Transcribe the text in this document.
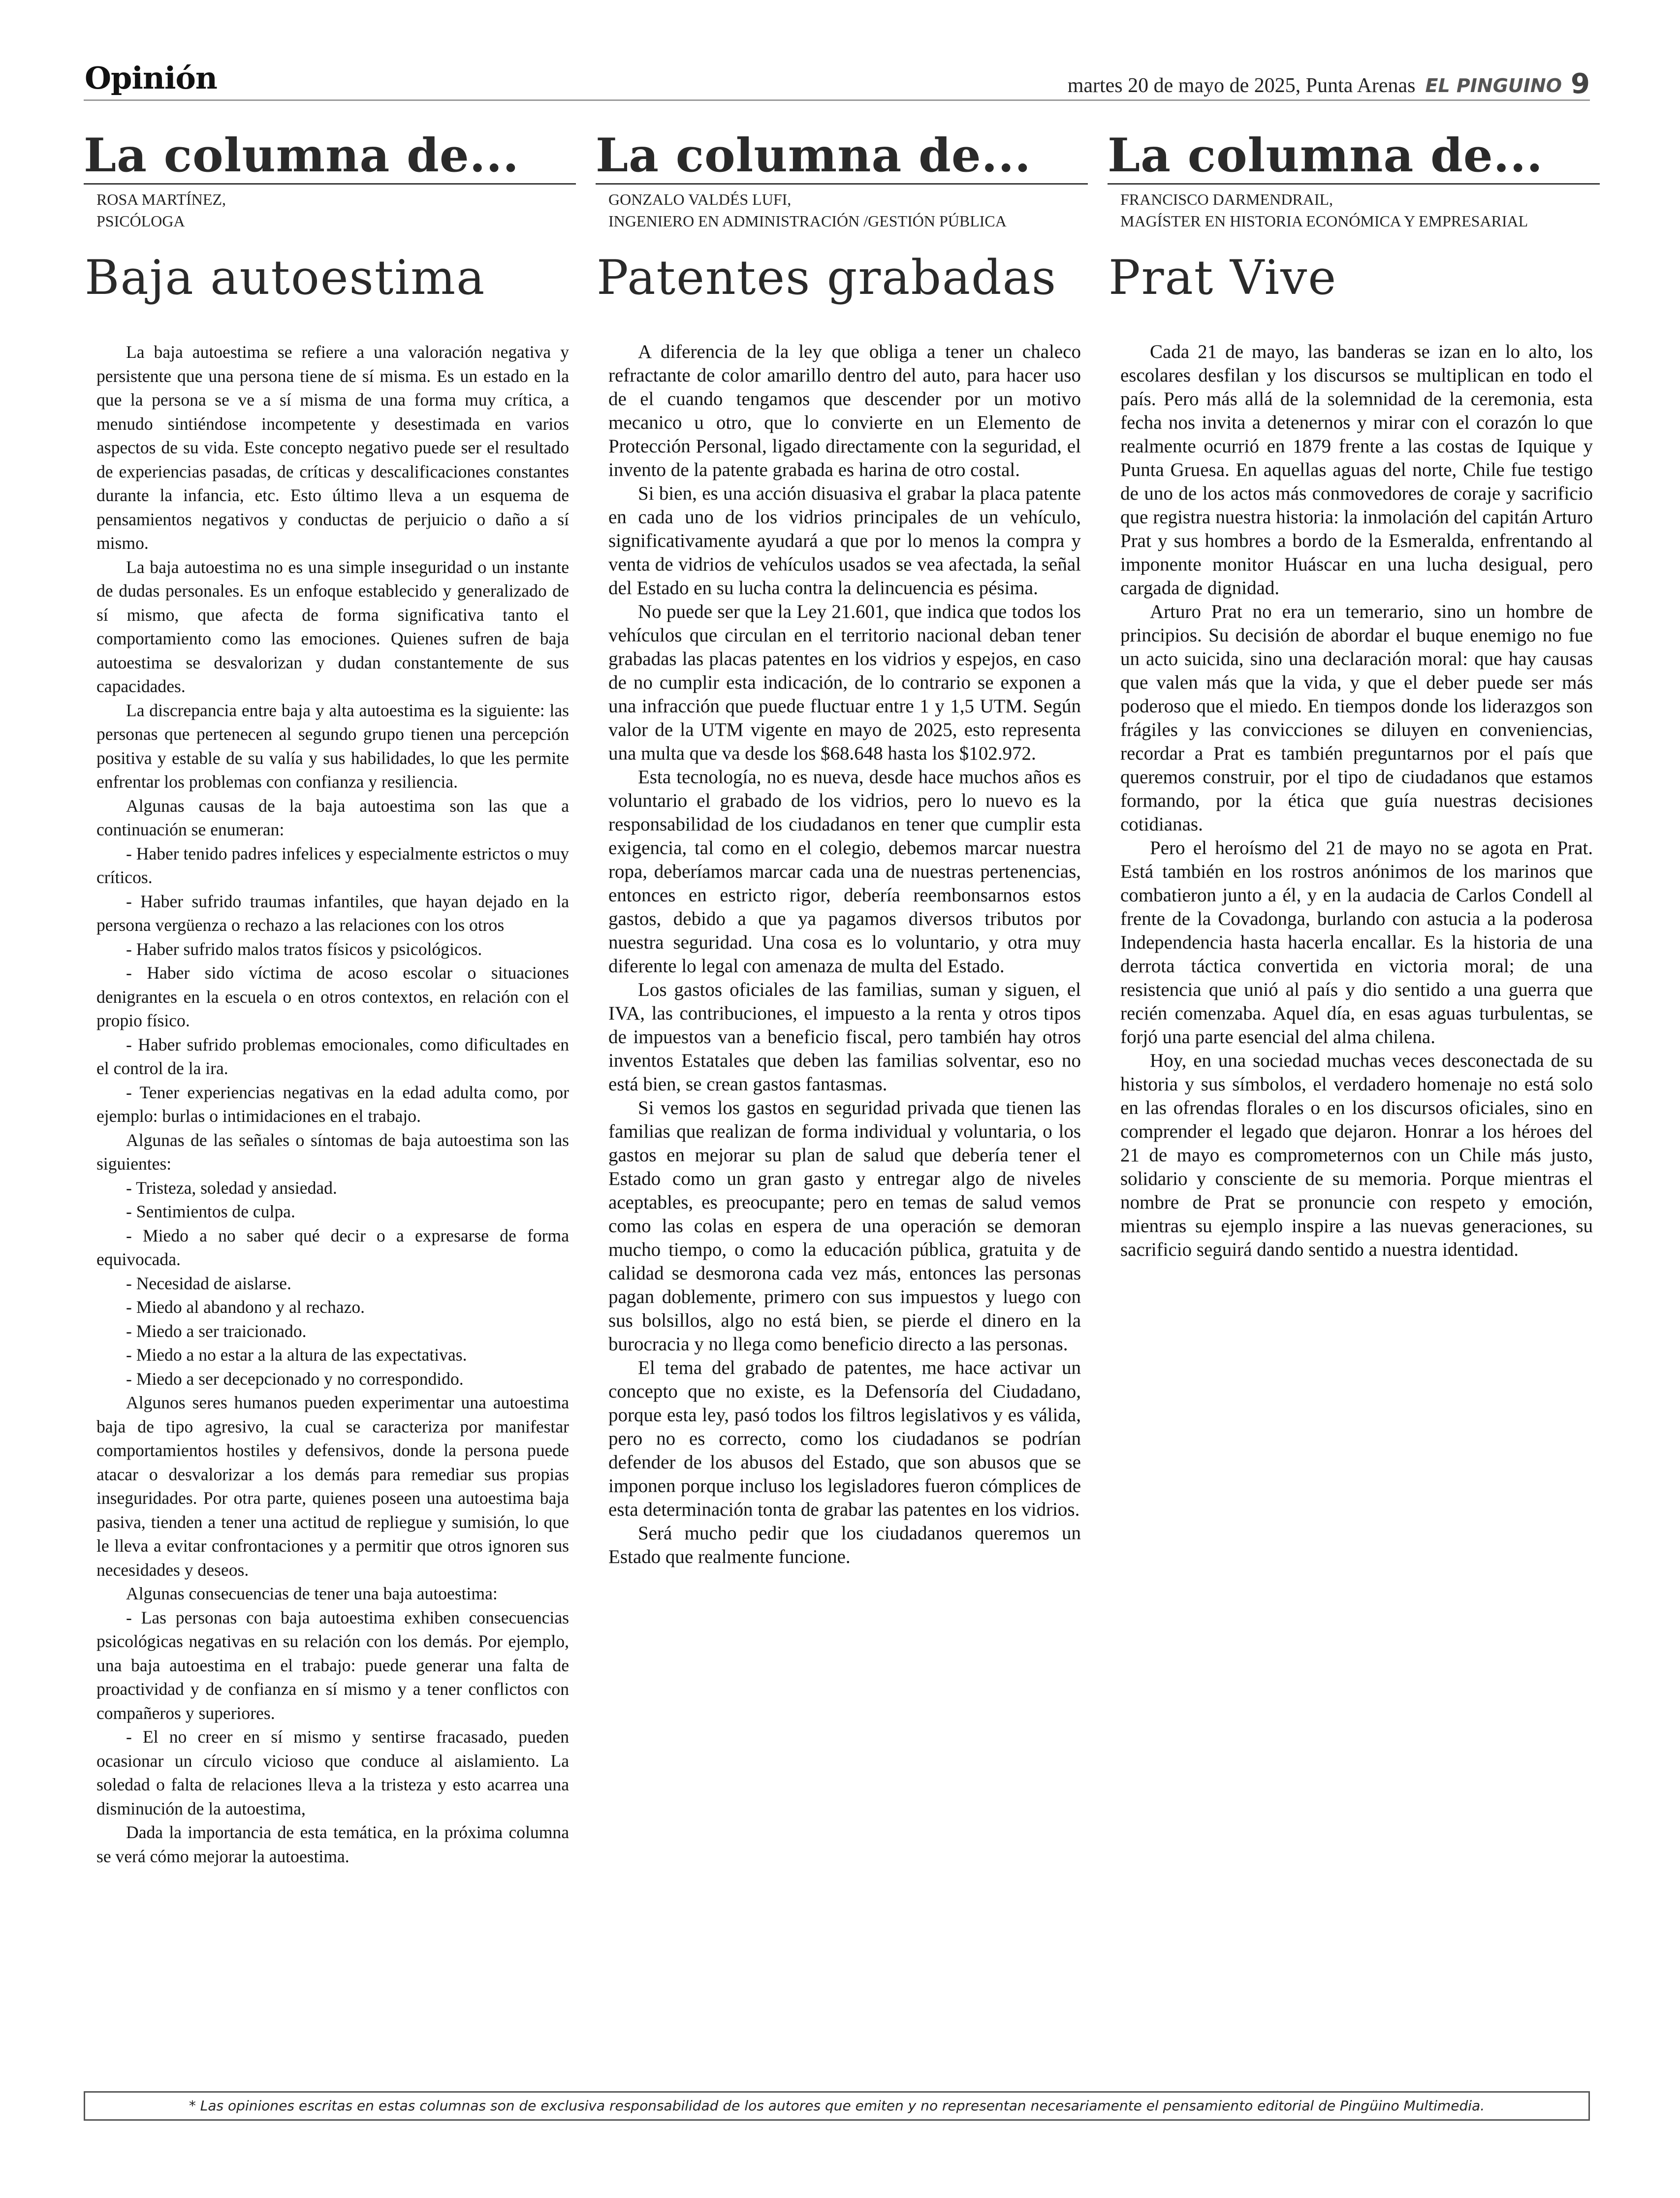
Opinión	martes 20 de mayo de 2025, Punta Arenas EL PINGUINO 9
La columna de...
ROSA MARTÍNEZ,
PSICÓLOGA
Baja autoestima

La baja autoestima se refiere a una valoración negativa y persistente que una persona tiene de sí misma. Es un estado en la que la persona se ve a sí misma de una forma muy crítica, a menudo sintiéndose incompetente y desestimada en varios aspectos de su vida. Este concepto negativo puede ser el resultado de experiencias pasadas, de críticas y descalificaciones constantes durante la infancia, etc. Esto último lleva a un esquema de pensamientos negativos y conductas de perjuicio o daño a sí mismo.

La baja autoestima no es una simple inseguridad o un instante de dudas personales. Es un enfoque establecido y generalizado de sí mismo, que afecta de forma significativa tanto el comportamiento como las emociones. Quienes sufren de baja autoestima se desvalorizan y dudan constantemente de sus capacidades.

La discrepancia entre baja y alta autoestima es la siguiente: las personas que pertenecen al segundo grupo tienen una percepción positiva y estable de su valía y sus habilidades, lo que les permite enfrentar los problemas con confianza y resiliencia.

Algunas causas de la baja autoestima son las que a continuación se enumeran:

- Haber tenido padres infelices y especialmente estrictos o muy críticos.

- Haber sufrido traumas infantiles, que hayan dejado en la persona vergüenza o rechazo a las relaciones con los otros

- Haber sufrido malos tratos físicos y psicológicos.

- Haber sido víctima de acoso escolar o situaciones denigrantes en la escuela o en otros contextos, en relación con el propio físico.

- Haber sufrido problemas emocionales, como dificultades en el control de la ira.

- Tener experiencias negativas en la edad adulta como, por ejemplo: burlas o intimidaciones en el trabajo.

Algunas de las señales o síntomas de baja autoestima son las siguientes:

- Tristeza, soledad y ansiedad.

- Sentimientos de culpa.

- Miedo a no saber qué decir o a expresarse de forma equivocada.

- Necesidad de aislarse.

- Miedo al abandono y al rechazo.

- Miedo a ser traicionado.

- Miedo a no estar a la altura de las expectativas.

- Miedo a ser decepcionado y no correspondido.

Algunos seres humanos pueden experimentar una autoestima baja de tipo agresivo, la cual se caracteriza por manifestar comportamientos hostiles y defensivos, donde la persona puede atacar o desvalorizar a los demás para remediar sus propias inseguridades. Por otra parte, quienes poseen una autoestima baja pasiva, tienden a tener una actitud de repliegue y sumisión, lo que le lleva a evitar confrontaciones y a permitir que otros ignoren sus necesidades y deseos.

Algunas consecuencias de tener una baja autoestima:

- Las personas con baja autoestima exhiben consecuencias psicológicas negativas en su relación con los demás. Por ejemplo, una baja autoestima en el trabajo: puede generar una falta de proactividad y de confianza en sí mismo y a tener conflictos con compañeros y superiores.

- El no creer en sí mismo y sentirse fracasado, pueden ocasionar un círculo vicioso que conduce al aislamiento. La soledad o falta de relaciones lleva a la tristeza y esto acarrea una disminución de la autoestima,

Dada la importancia de esta temática, en la próxima columna se verá cómo mejorar la autoestima.

La columna de...
GONZALO VALDÉS LUFI,
INGENIERO EN ADMINISTRACIÓN /GESTIÓN PÚBLICA
Patentes grabadas

A diferencia de la ley que obliga a tener un chaleco refractante de color amarillo dentro del auto, para hacer uso de el cuando tengamos que descender por un motivo mecanico u otro, que lo convierte en un Elemento de Protección Personal, ligado directamente con la seguridad, el invento de la patente grabada es harina de otro costal.

Si bien, es una acción disuasiva el grabar la placa patente en cada uno de los vidrios principales de un vehículo, significativamente ayudará a que por lo menos la compra y venta de vidrios de vehículos usados se vea afectada, la señal del Estado en su lucha contra la delincuencia es pésima.

No puede ser que la Ley 21.601, que indica que todos los vehículos que circulan en el territorio nacional deban tener grabadas las placas patentes en los vidrios y espejos, en caso de no cumplir esta indicación, de lo contrario se exponen a una infracción que puede fluctuar entre 1 y 1,5 UTM. Según valor de la UTM vigente en mayo de 2025, esto representa una multa que va desde los $68.648 hasta los $102.972.

Esta tecnología, no es nueva, desde hace muchos años es voluntario el grabado de los vidrios, pero lo nuevo es la responsabilidad de los ciudadanos en tener que cumplir esta exigencia, tal como en el colegio, debemos marcar nuestra ropa, deberíamos marcar cada una de nuestras pertenencias, entonces en estricto rigor, debería reembonsarnos estos gastos, debido a que ya pagamos diversos tributos por nuestra seguridad. Una cosa es lo voluntario, y otra muy diferente lo legal con amenaza de multa del Estado.

Los gastos oficiales de las familias, suman y siguen, el IVA, las contribuciones, el impuesto a la renta y otros tipos de impuestos van a beneficio fiscal, pero también hay otros inventos Estatales que deben las familias solventar, eso no está bien, se crean gastos fantasmas.

Si vemos los gastos en seguridad privada que tienen las familias que realizan de forma individual y voluntaria, o los gastos en mejorar su plan de salud que debería tener el Estado como un gran gasto y entregar algo de niveles aceptables, es preocupante; pero en temas de salud vemos como las colas en espera de una operación se demoran mucho tiempo, o como la educación pública, gratuita y de calidad se desmorona cada vez más, entonces las personas pagan doblemente, primero con sus impuestos y luego con sus bolsillos, algo no está bien, se pierde el dinero en la burocracia y no llega como beneficio directo a las personas.

El tema del grabado de patentes, me hace activar un concepto que no existe, es la Defensoría del Ciudadano, porque esta ley, pasó todos los filtros legislativos y es válida, pero no es correcto, como los ciudadanos se podrían defender de los abusos del Estado, que son abusos que se imponen porque incluso los legisladores fueron cómplices de esta determinación tonta de grabar las patentes en los vidrios.

Será mucho pedir que los ciudadanos queremos un Estado que realmente funcione.

La columna de...
FRANCISCO DARMENDRAIL,
MAGÍSTER EN HISTORIA ECONÓMICA Y EMPRESARIAL
Prat Vive

Cada 21 de mayo, las banderas se izan en lo alto, los escolares desfilan y los discursos se multiplican en todo el país. Pero más allá de la solemnidad de la ceremonia, esta fecha nos invita a detenernos y mirar con el corazón lo que realmente ocurrió en 1879 frente a las costas de Iquique y Punta Gruesa. En aquellas aguas del norte, Chile fue testigo de uno de los actos más conmovedores de coraje y sacrificio que registra nuestra historia: la inmolación del capitán Arturo Prat y sus hombres a bordo de la Esmeralda, enfrentando al imponente monitor Huáscar en una lucha desigual, pero cargada de dignidad.

Arturo Prat no era un temerario, sino un hombre de principios. Su decisión de abordar el buque enemigo no fue un acto suicida, sino una declaración moral: que hay causas que valen más que la vida, y que el deber puede ser más poderoso que el miedo. En tiempos donde los liderazgos son frágiles y las convicciones se diluyen en conveniencias, recordar a Prat es también preguntarnos por el país que queremos construir, por el tipo de ciudadanos que estamos formando, por la ética que guía nuestras decisiones cotidianas.

Pero el heroísmo del 21 de mayo no se agota en Prat. Está también en los rostros anónimos de los marinos que combatieron junto a él, y en la audacia de Carlos Condell al frente de la Covadonga, burlando con astucia a la poderosa Independencia hasta hacerla encallar. Es la historia de una derrota táctica convertida en victoria moral; de una resistencia que unió al país y dio sentido a una guerra que recién comenzaba. Aquel día, en esas aguas turbulentas, se forjó una parte esencial del alma chilena.

Hoy, en una sociedad muchas veces desconectada de su historia y sus símbolos, el verdadero homenaje no está solo en las ofrendas florales o en los discursos oficiales, sino en comprender el legado que dejaron. Honrar a los héroes del 21 de mayo es comprometernos con un Chile más justo, solidario y consciente de su memoria. Porque mientras el nombre de Prat se pronuncie con respeto y emoción, mientras su ejemplo inspire a las nuevas generaciones, su sacrificio seguirá dando sentido a nuestra identidad.

* Las opiniones escritas en estas columnas son de exclusiva responsabilidad de los autores que emiten y no representan necesariamente el pensamiento editorial de Pingüino Multimedia.
